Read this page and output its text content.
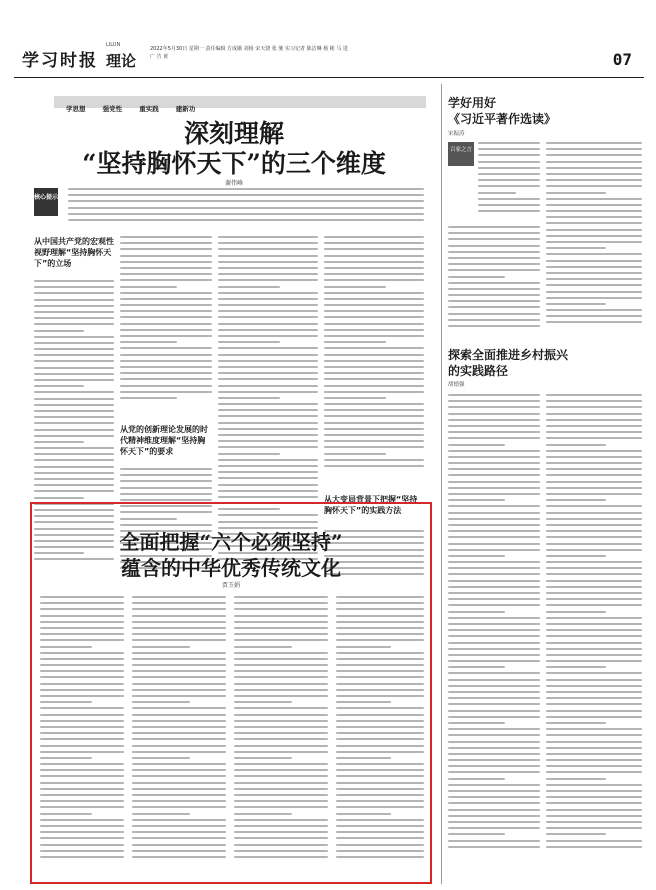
学习时报
LILUN
理论
2022年5月30日 星期一 责任编辑 方成娥 刘杨 宋天骁 张 驰 实习记者 陈洁琳 杨 彬 马 进 广 告 黄	07
学思想	强党性	重实践	建新功
深刻理解
“坚持胸怀天下”的三个维度
谢伟峰
核心提示
从中国共产党的宏观性视野理解“坚持胸怀天下”的立场
从党的创新理论发展的时代精神维度理解“坚持胸怀天下”的要求
从大变局背景下把握“坚持胸怀天下”的实践方法
全面把握“六个必须坚持”
蕴含的中华优秀传统文化
贾玉娟
学好用好
《习近平著作选读》
宋振涛
百家之言
探索全面推进乡村振兴
的实践路径
胡德强
